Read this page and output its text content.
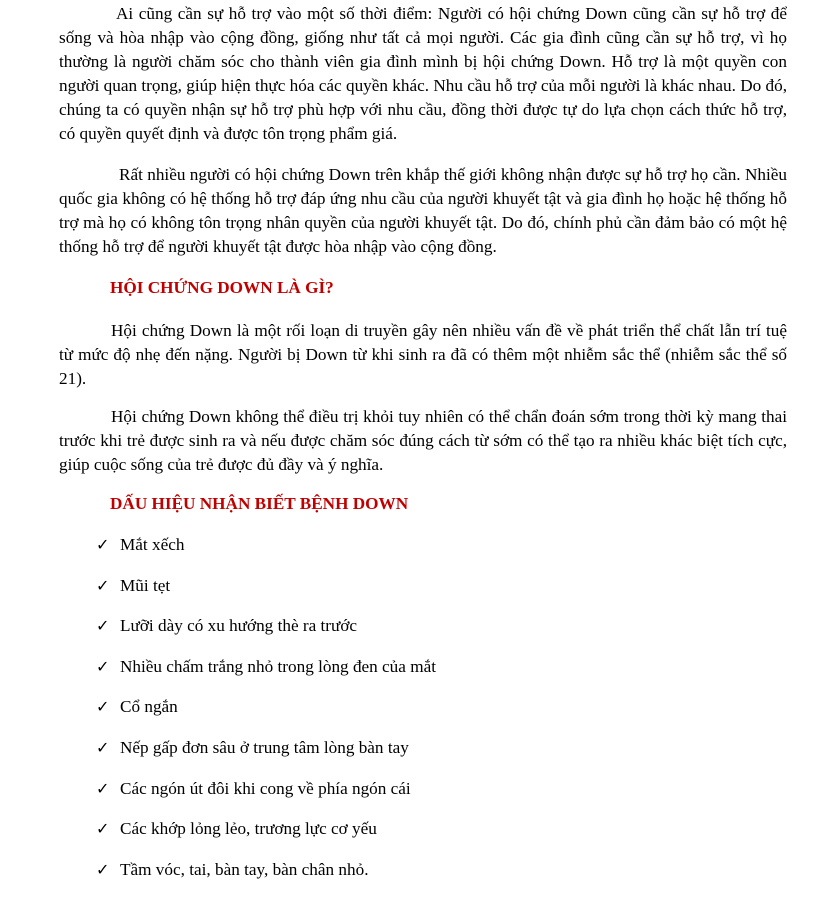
Ai cũng cần sự hỗ trợ vào một số thời điểm: Người có hội chứng Down cũng cần sự hỗ trợ để sống và hòa nhập vào cộng đồng, giống như tất cả mọi người. Các gia đình cũng cần sự hỗ trợ, vì họ thường là người chăm sóc cho thành viên gia đình mình bị hội chứng Down. Hỗ trợ là một quyền con người quan trọng, giúp hiện thực hóa các quyền khác. Nhu cầu hỗ trợ của mỗi người là khác nhau. Do đó, chúng ta có quyền nhận sự hỗ trợ phù hợp với nhu cầu, đồng thời được tự do lựa chọn cách thức hỗ trợ, có quyền quyết định và được tôn trọng phẩm giá.

Rất nhiều người có hội chứng Down trên khắp thế giới không nhận được sự hỗ trợ họ cần. Nhiều quốc gia không có hệ thống hỗ trợ đáp ứng nhu cầu của người khuyết tật và gia đình họ hoặc hệ thống hỗ trợ mà họ có không tôn trọng nhân quyền của người khuyết tật. Do đó, chính phủ cần đảm bảo có một hệ thống hỗ trợ để người khuyết tật được hòa nhập vào cộng đồng.

HỘI CHỨNG DOWN LÀ GÌ?

Hội chứng Down là một rối loạn di truyền gây nên nhiều vấn đề về phát triển thể chất lẫn trí tuệ từ mức độ nhẹ đến nặng. Người bị Down từ khi sinh ra đã có thêm một nhiễm sắc thể (nhiễm sắc thể số 21).

Hội chứng Down không thể điều trị khỏi tuy nhiên có thể chẩn đoán sớm trong thời kỳ mang thai trước khi trẻ được sinh ra và nếu được chăm sóc đúng cách từ sớm có thể tạo ra nhiều khác biệt tích cực, giúp cuộc sống của trẻ được đủ đầy và ý nghĩa.

DẤU HIỆU NHẬN BIẾT BỆNH DOWN
✓ Mắt xếch
✓ Mũi tẹt
✓ Lưỡi dày có xu hướng thè ra trước
✓ Nhiều chấm trắng nhỏ trong lòng đen của mắt
✓ Cổ ngắn
✓ Nếp gấp đơn sâu ở trung tâm lòng bàn tay
✓ Các ngón út đôi khi cong về phía ngón cái
✓ Các khớp lỏng lẻo, trương lực cơ yếu
✓ Tầm vóc, tai, bàn tay, bàn chân nhỏ.
